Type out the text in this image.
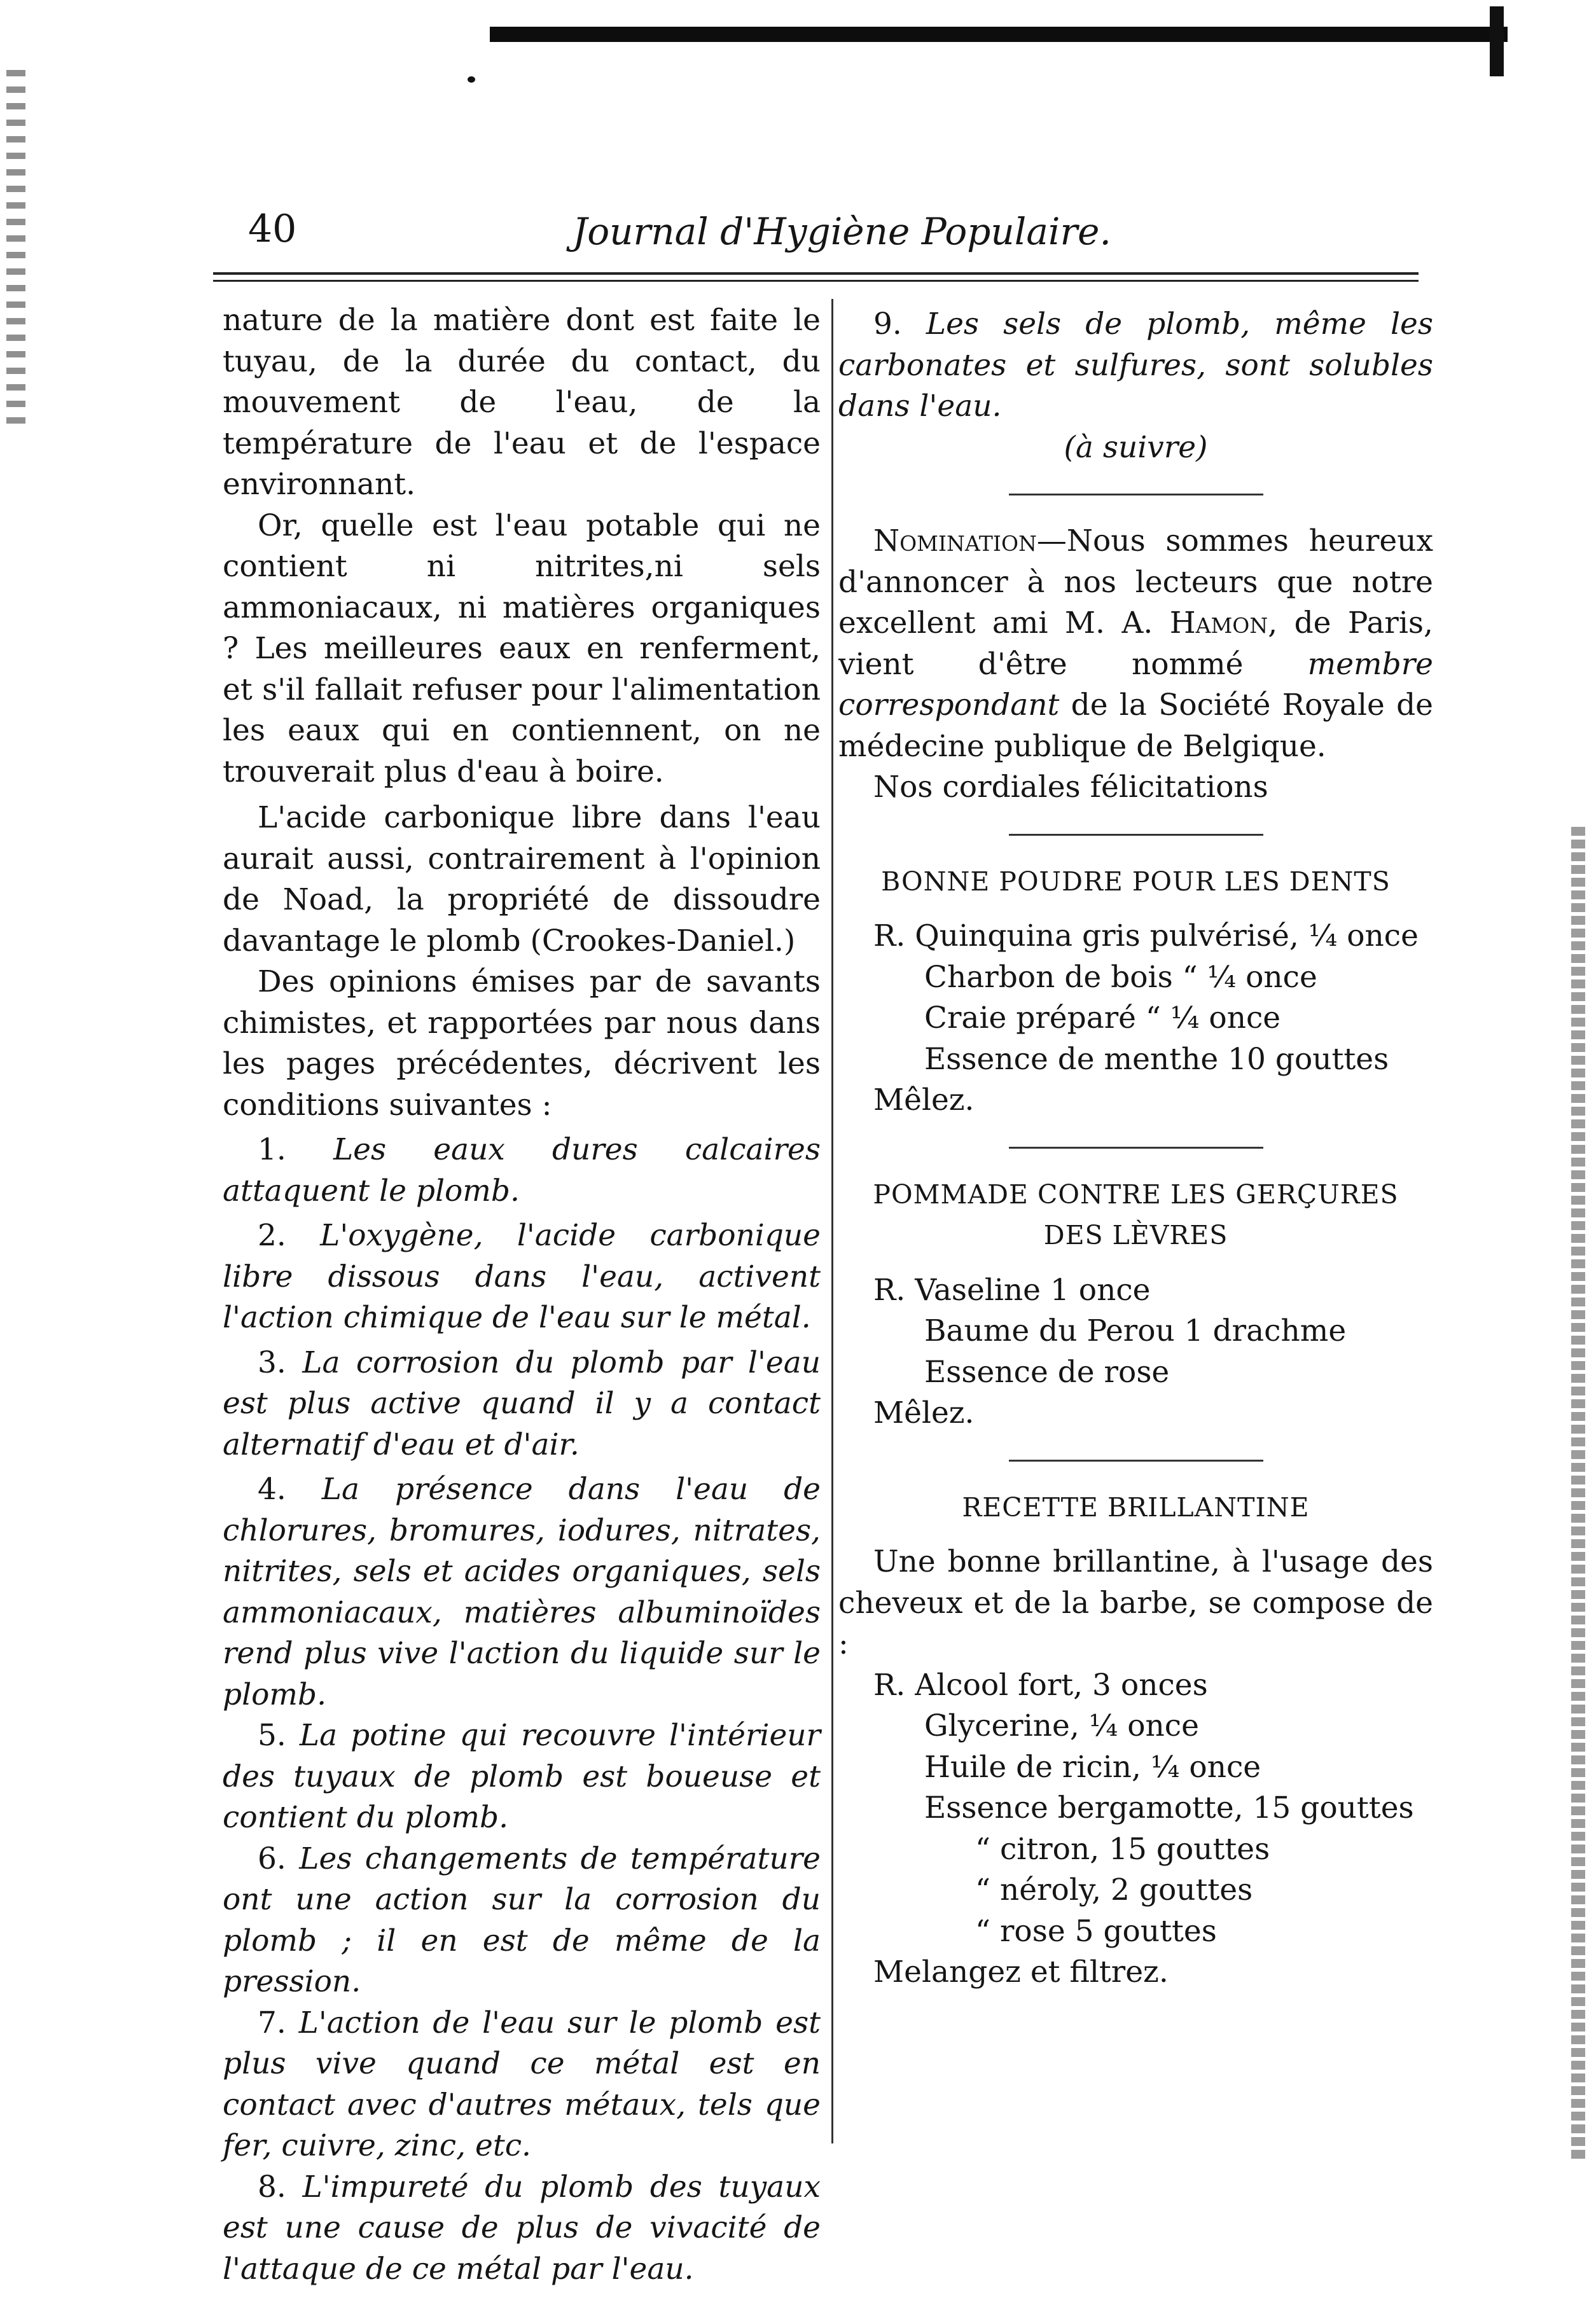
40	Journal d'Hygiène Populaire.

nature de la matière dont est faite le tuyau, de la durée du contact, du mouvement de l'eau, de la température de l'eau et de l'espace environnant.

Or, quelle est l'eau potable qui ne contient ni nitrites,ni sels ammoniacaux, ni matières organiques ? Les meilleures eaux en renferment, et s'il fallait refuser pour l'alimentation les eaux qui en contiennent, on ne trouverait plus d'eau à boire.

L'acide carbonique libre dans l'eau aurait aussi, contrairement à l'opinion de Noad, la propriété de dissoudre davantage le plomb (Crookes-Daniel.)

Des opinions émises par de savants chimistes, et rapportées par nous dans les pages précédentes, décrivent les conditions suivantes :

1. Les eaux dures calcaires attaquent le plomb.

2. L'oxygène, l'acide carbonique libre dissous dans l'eau, activent l'action chimique de l'eau sur le métal.

3. La corrosion du plomb par l'eau est plus active quand il y a contact alternatif d'eau et d'air.

4. La présence dans l'eau de chlorures, bromures, iodures, nitrates, nitrites, sels et acides organiques, sels ammoniacaux, matières albuminoïdes rend plus vive l'action du liquide sur le plomb.

5. La potine qui recouvre l'intérieur des tuyaux de plomb est boueuse et contient du plomb.

6. Les changements de température ont une action sur la corrosion du plomb ; il en est de même de la pression.

7. L'action de l'eau sur le plomb est plus vive quand ce métal est en contact avec d'autres métaux, tels que fer, cuivre, zinc, etc.

8. L'impureté du plomb des tuyaux est une cause de plus de vivacité de l'attaque de ce métal par l'eau.

9. Les sels de plomb, même les carbonates et sulfures, sont solubles dans l'eau.

(à suivre)

Nomination—Nous sommes heureux d'annoncer à nos lecteurs que notre excellent ami M. A. Hamon, de Paris, vient d'être nommé membre correspondant de la Société Royale de médecine publique de Belgique.

Nos cordiales félicitations

BONNE POUDRE POUR LES DENTS

R. Quinquina gris pulvérisé, ¼ once

Charbon de bois “ ¼ once

Craie préparé “ ¼ once

Essence de menthe 10 gouttes

Mêlez.

POMMADE CONTRE LES GERÇURES

DES LÈVRES

R. Vaseline 1 once

Baume du Perou 1 drachme

Essence de rose

Mêlez.

RECETTE BRILLANTINE

Une bonne brillantine, à l'usage des cheveux et de la barbe, se compose de :

R. Alcool fort, 3 onces

Glycerine, ¼ once

Huile de ricin, ¼ once

Essence bergamotte, 15 gouttes

“ citron, 15 gouttes

“ néroly, 2 gouttes

“ rose 5 gouttes

Melangez et filtrez.
